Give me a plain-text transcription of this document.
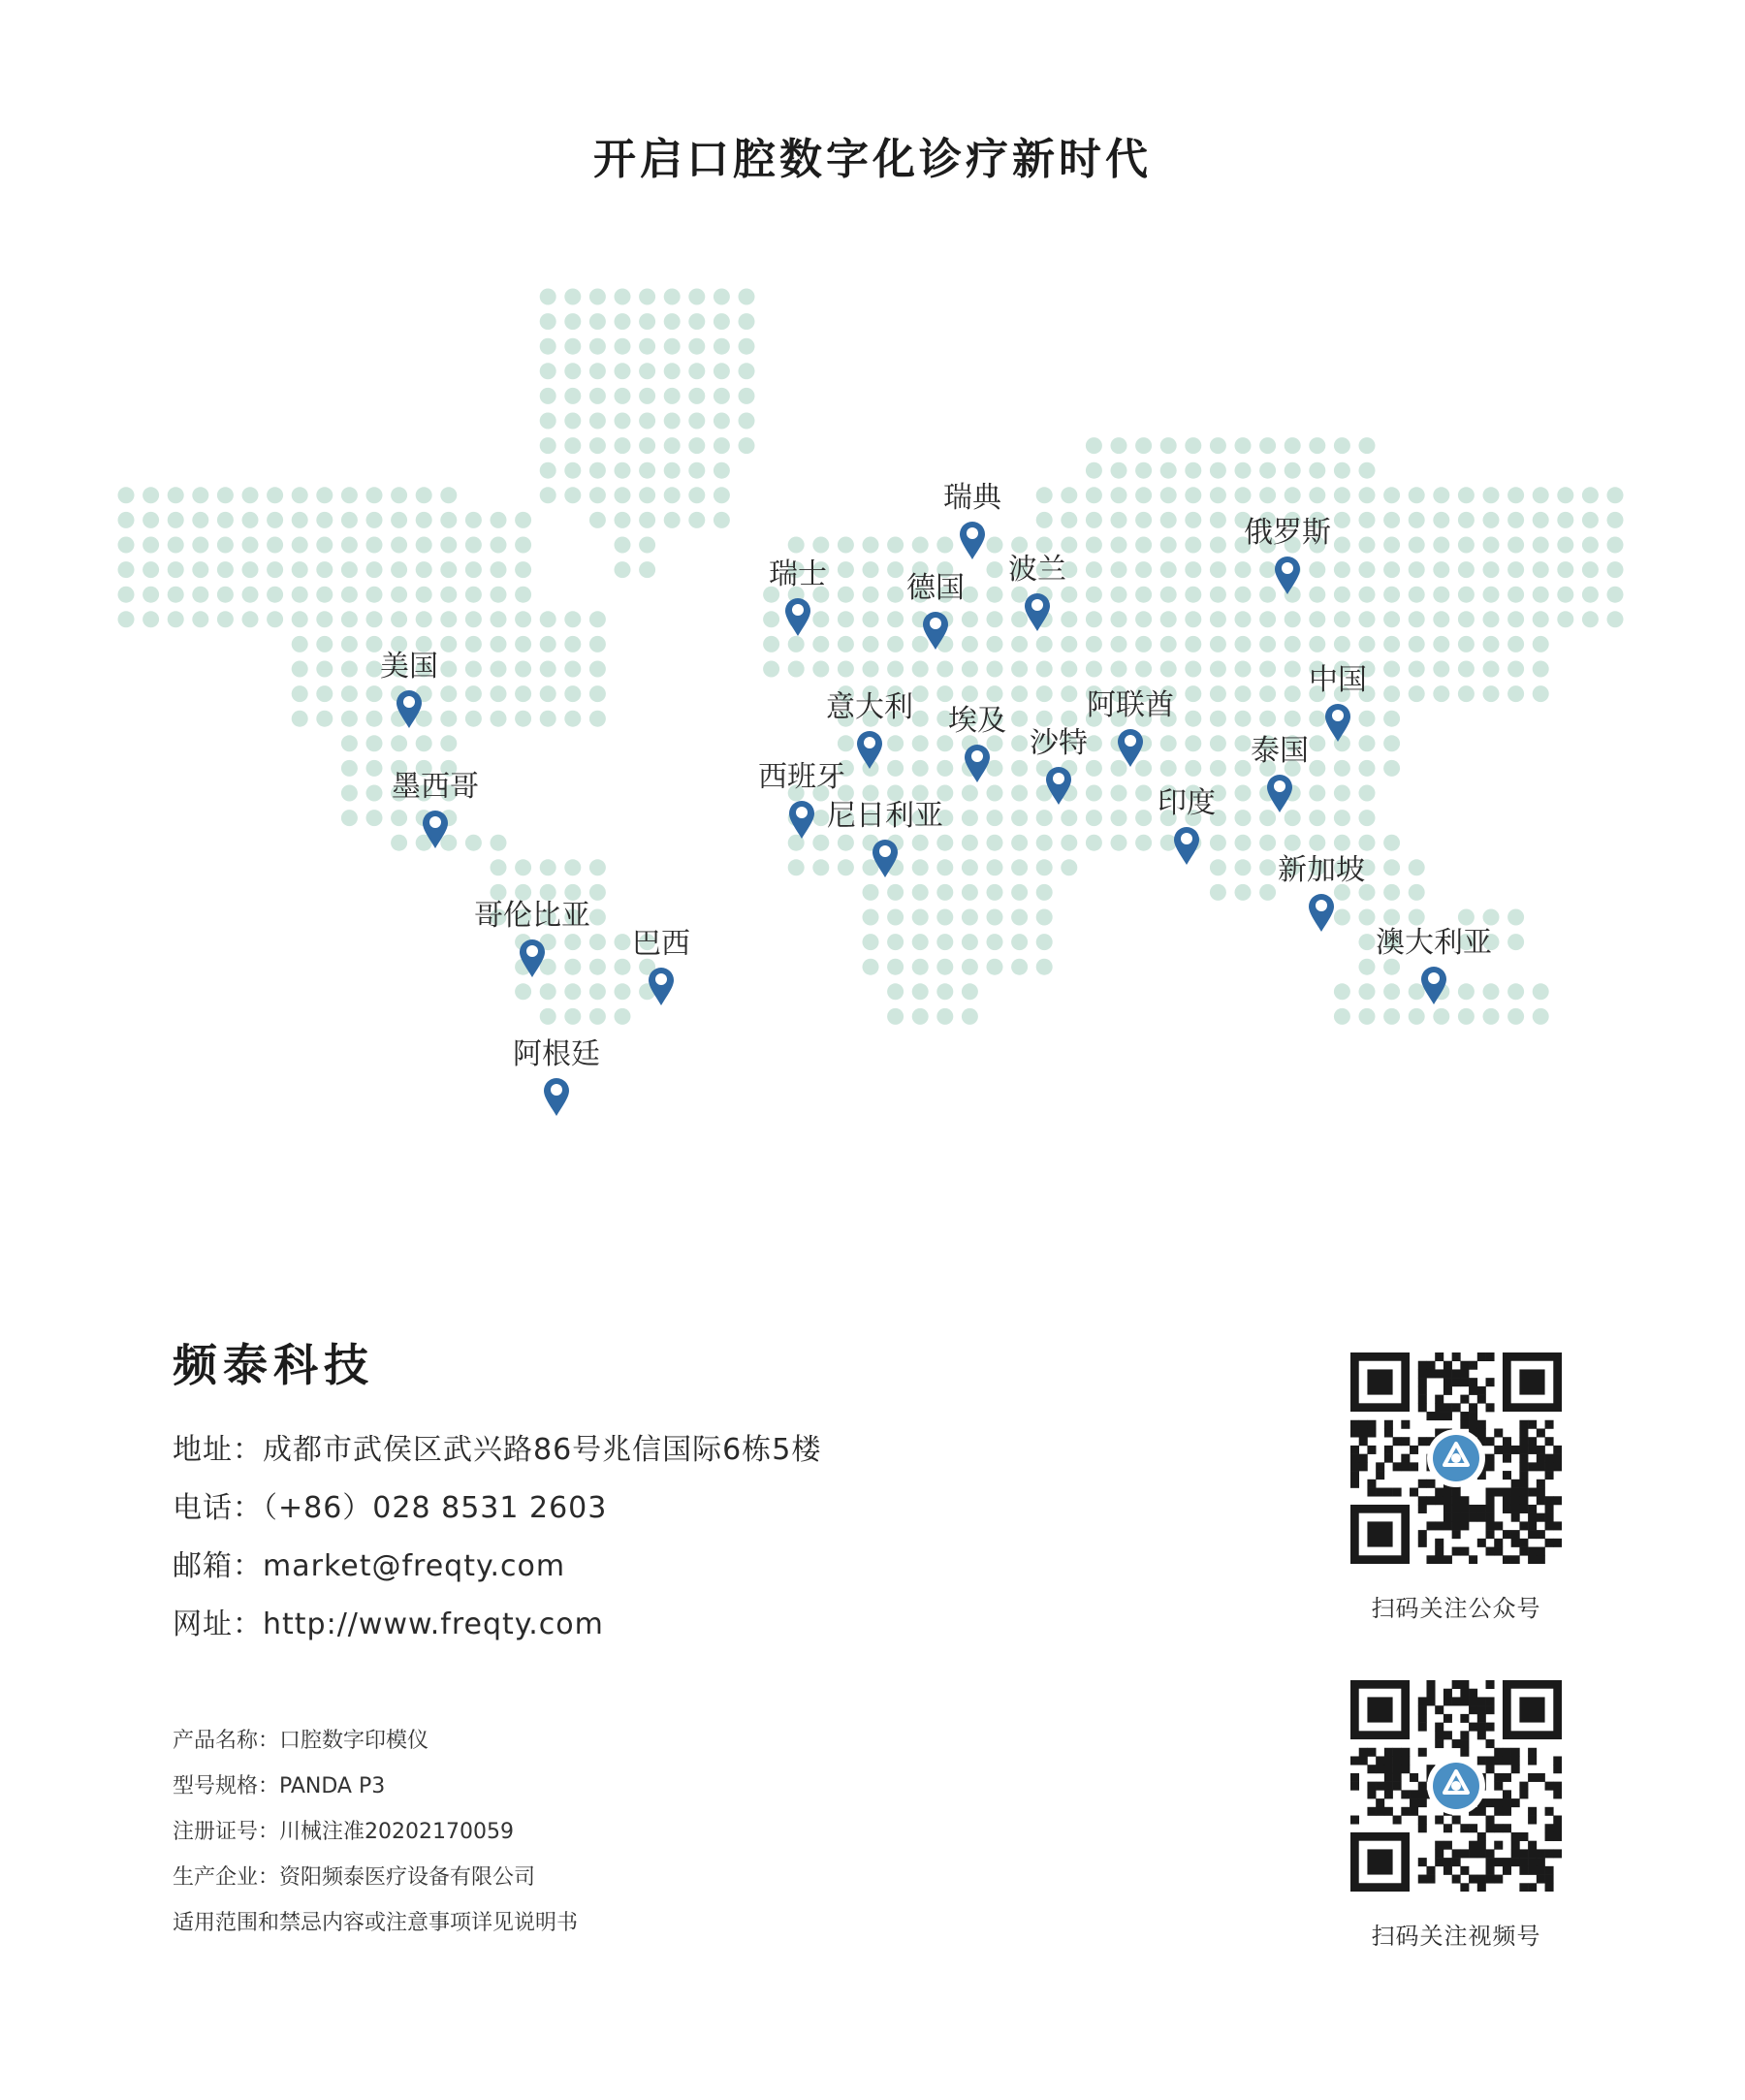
开启口腔数字化诊疗新时代
瑞典
俄罗斯
瑞士	德国
波兰
美国
意大利 埃及	阿联酋
中国
沙特	泰国
墨西哥	西班牙
尼日利亚	印度
新加坡
哥伦比亚
巴西	澳大利亚
阿根廷
频泰科技
地址：成都市武侯区武兴路86号兆信国际6栋5楼
电话：（+86）028 8531 2603
邮箱：market@freqty.com
网址：http://www.freqty.com
产品名称：口腔数字印模仪
型号规格：PANDA P3
注册证号：川械注准20202170059
生产企业：资阳频泰医疗设备有限公司
适用范围和禁忌内容或注意事项详见说明书
扫码关注公众号
扫码关注视频号
